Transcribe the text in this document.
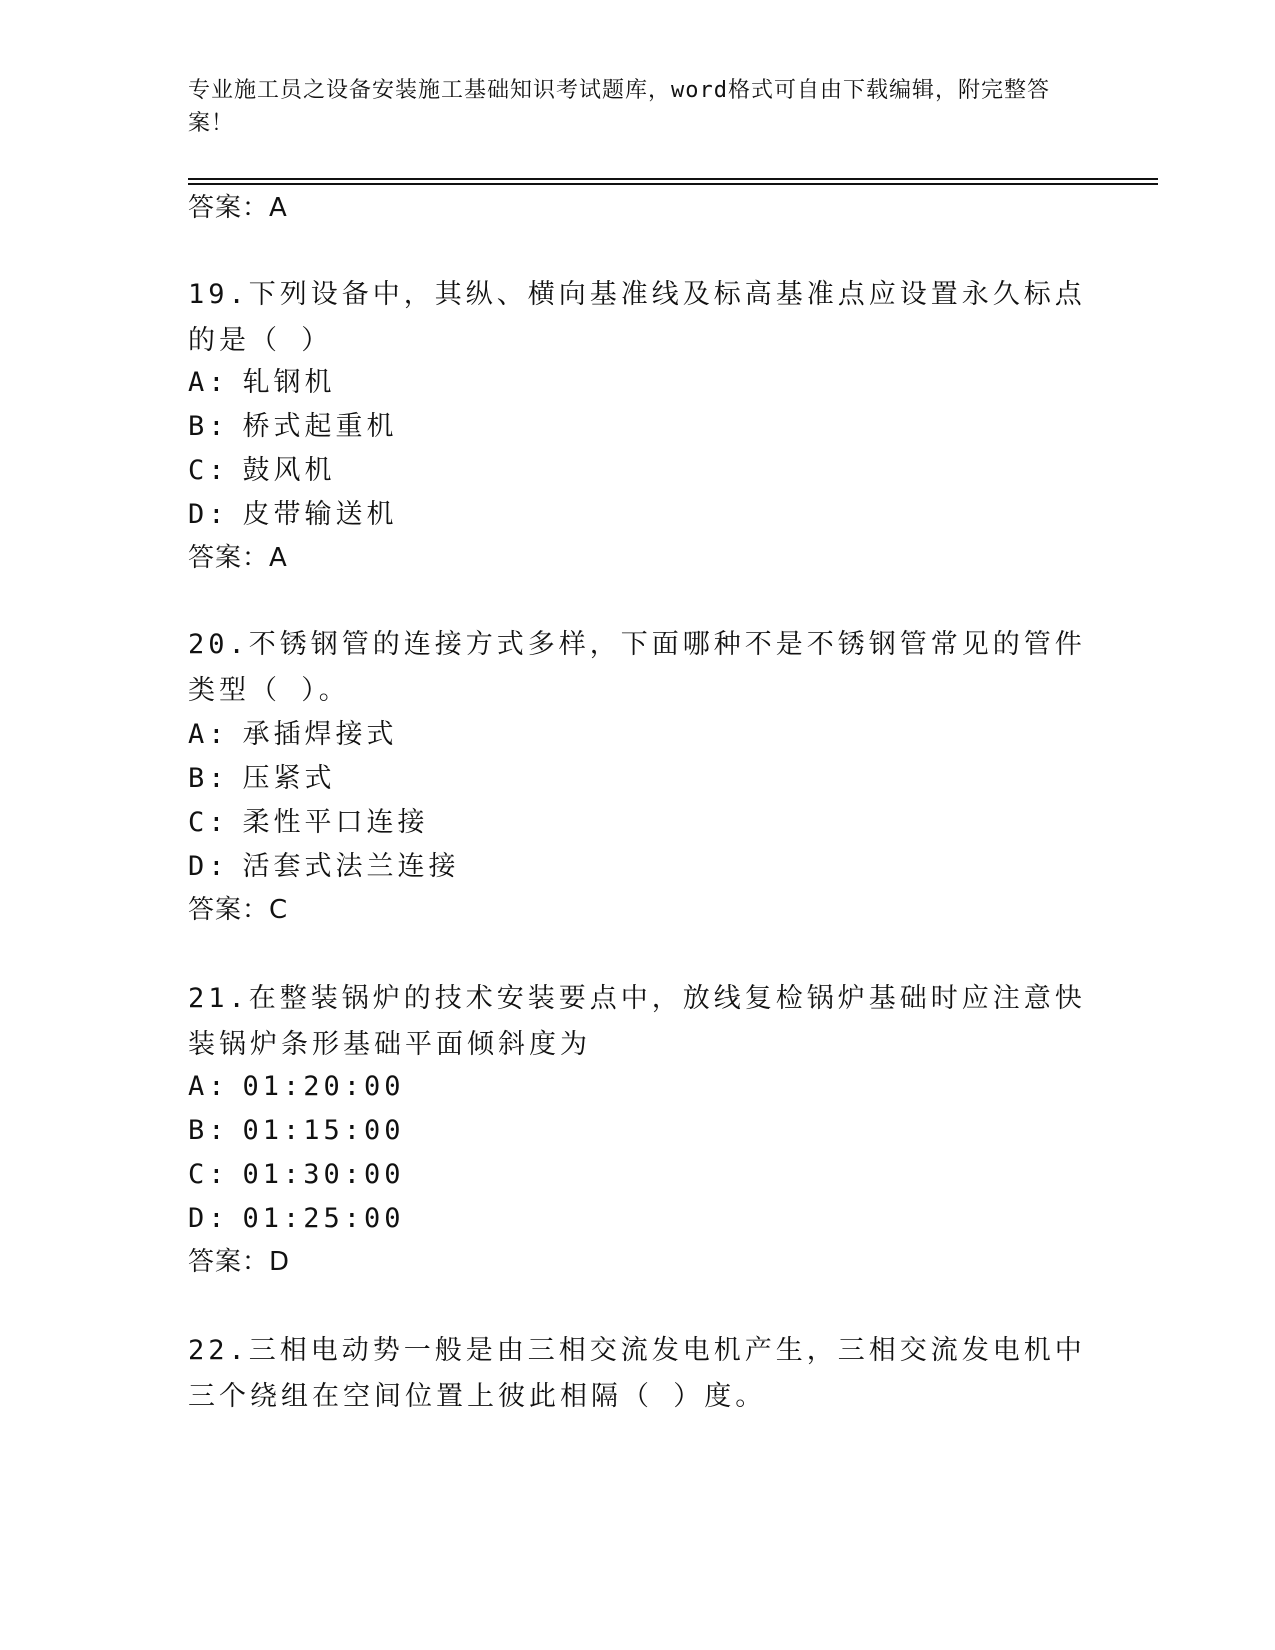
专业施工员之设备安装施工基础知识考试题库，word格式可自由下载编辑，附完整答案！
答案：A
19.下列设备中，其纵、横向基准线及标高基准点应设置永久标点的是（ ）
A: 轧钢机
B: 桥式起重机
C: 鼓风机
D: 皮带输送机
答案：A
20.不锈钢管的连接方式多样，下面哪种不是不锈钢管常见的管件类型（ ）。
A: 承插焊接式
B: 压紧式
C: 柔性平口连接
D: 活套式法兰连接
答案：C
21.在整装锅炉的技术安装要点中，放线复检锅炉基础时应注意快装锅炉条形基础平面倾斜度为
A: 01:20:00
B: 01:15:00
C: 01:30:00
D: 01:25:00
答案：D
22.三相电动势一般是由三相交流发电机产生，三相交流发电机中三个绕组在空间位置上彼此相隔（ ）度。
